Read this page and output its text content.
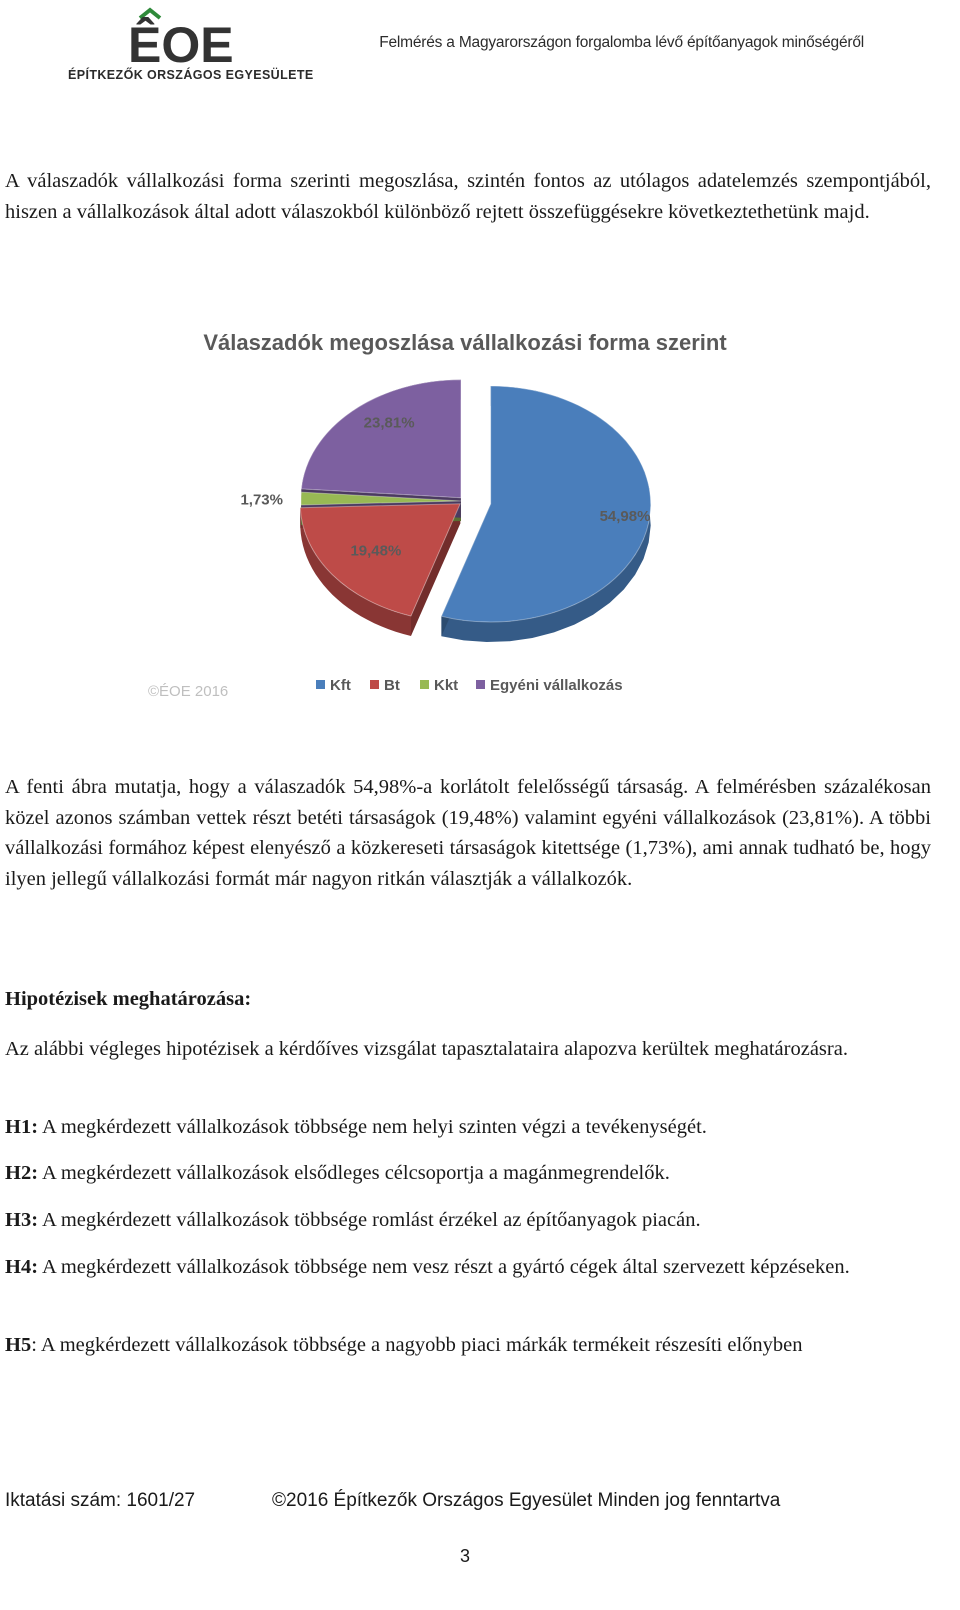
ÊOE
ÉPÍTKEZŐK ORSZÁGOS EGYESÜLETE
Felmérés a Magyarországon forgalomba lévő építőanyagok minőségéről

A válaszadók vállalkozási forma szerinti megoszlása, szintén fontos az utólagos adatelemzés szempontjából, hiszen a vállalkozások által adott válaszokból különböző rejtett összefüggésekre következtethetünk majd.

Válaszadók megoszlása vállalkozási forma szerint
54,98%
19,48%
1,73%
23,81%
©ÉOE 2016	Kft Bt Kkt Egyéni vállalkozás

A fenti ábra mutatja, hogy a válaszadók 54,98%-a korlátolt felelősségű társaság. A felmérésben százalékosan közel azonos számban vettek részt betéti társaságok (19,48%) valamint egyéni vállalkozások (23,81%). A többi vállalkozási formához képest elenyésző a közkereseti társaságok kitettsége (1,73%), ami annak tudható be, hogy ilyen jellegű vállalkozási formát már nagyon ritkán választják a vállalkozók.

Hipotézisek meghatározása:

Az alábbi végleges hipotézisek a kérdőíves vizsgálat tapasztalataira alapozva kerültek meghatározásra.

H1: A megkérdezett vállalkozások többsége nem helyi szinten végzi a tevékenységét.

H2: A megkérdezett vállalkozások elsődleges célcsoportja a magánmegrendelők.

H3: A megkérdezett vállalkozások többsége romlást érzékel az építőanyagok piacán.

H4: A megkérdezett vállalkozások többsége nem vesz részt a gyártó cégek által szervezett képzéseken.

H5: A megkérdezett vállalkozások többsége a nagyobb piaci márkák termékeit részesíti előnyben

Iktatási szám: 1601/27	©2016 Építkezők Országos Egyesület Minden jog fenntartva
3
